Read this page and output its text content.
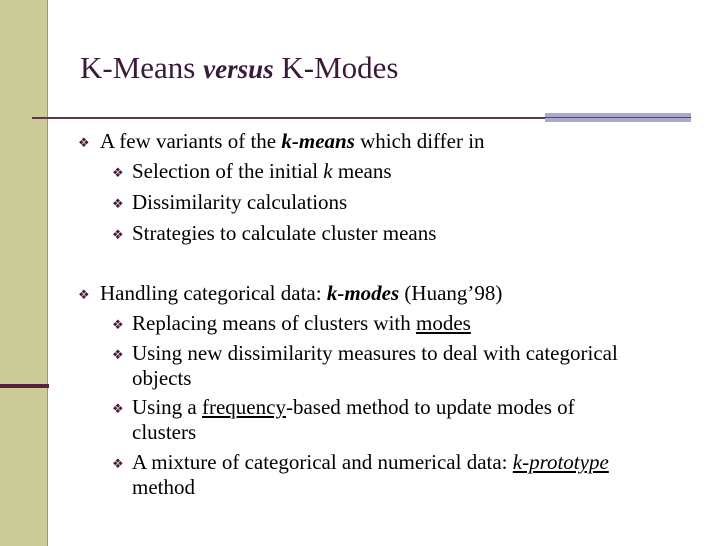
K-Means versus K-Modes
❖ A few variants of the k-means which differ in
❖ Selection of the initial k means
❖ Dissimilarity calculations
❖ Strategies to calculate cluster means
❖ Handling categorical data: k-modes (Huang’98)
❖ Replacing means of clusters with modes
❖ Using new dissimilarity measures to deal with categorical
objects
❖ Using a frequency-based method to update modes of
clusters
❖ A mixture of categorical and numerical data: k-prototype
method
